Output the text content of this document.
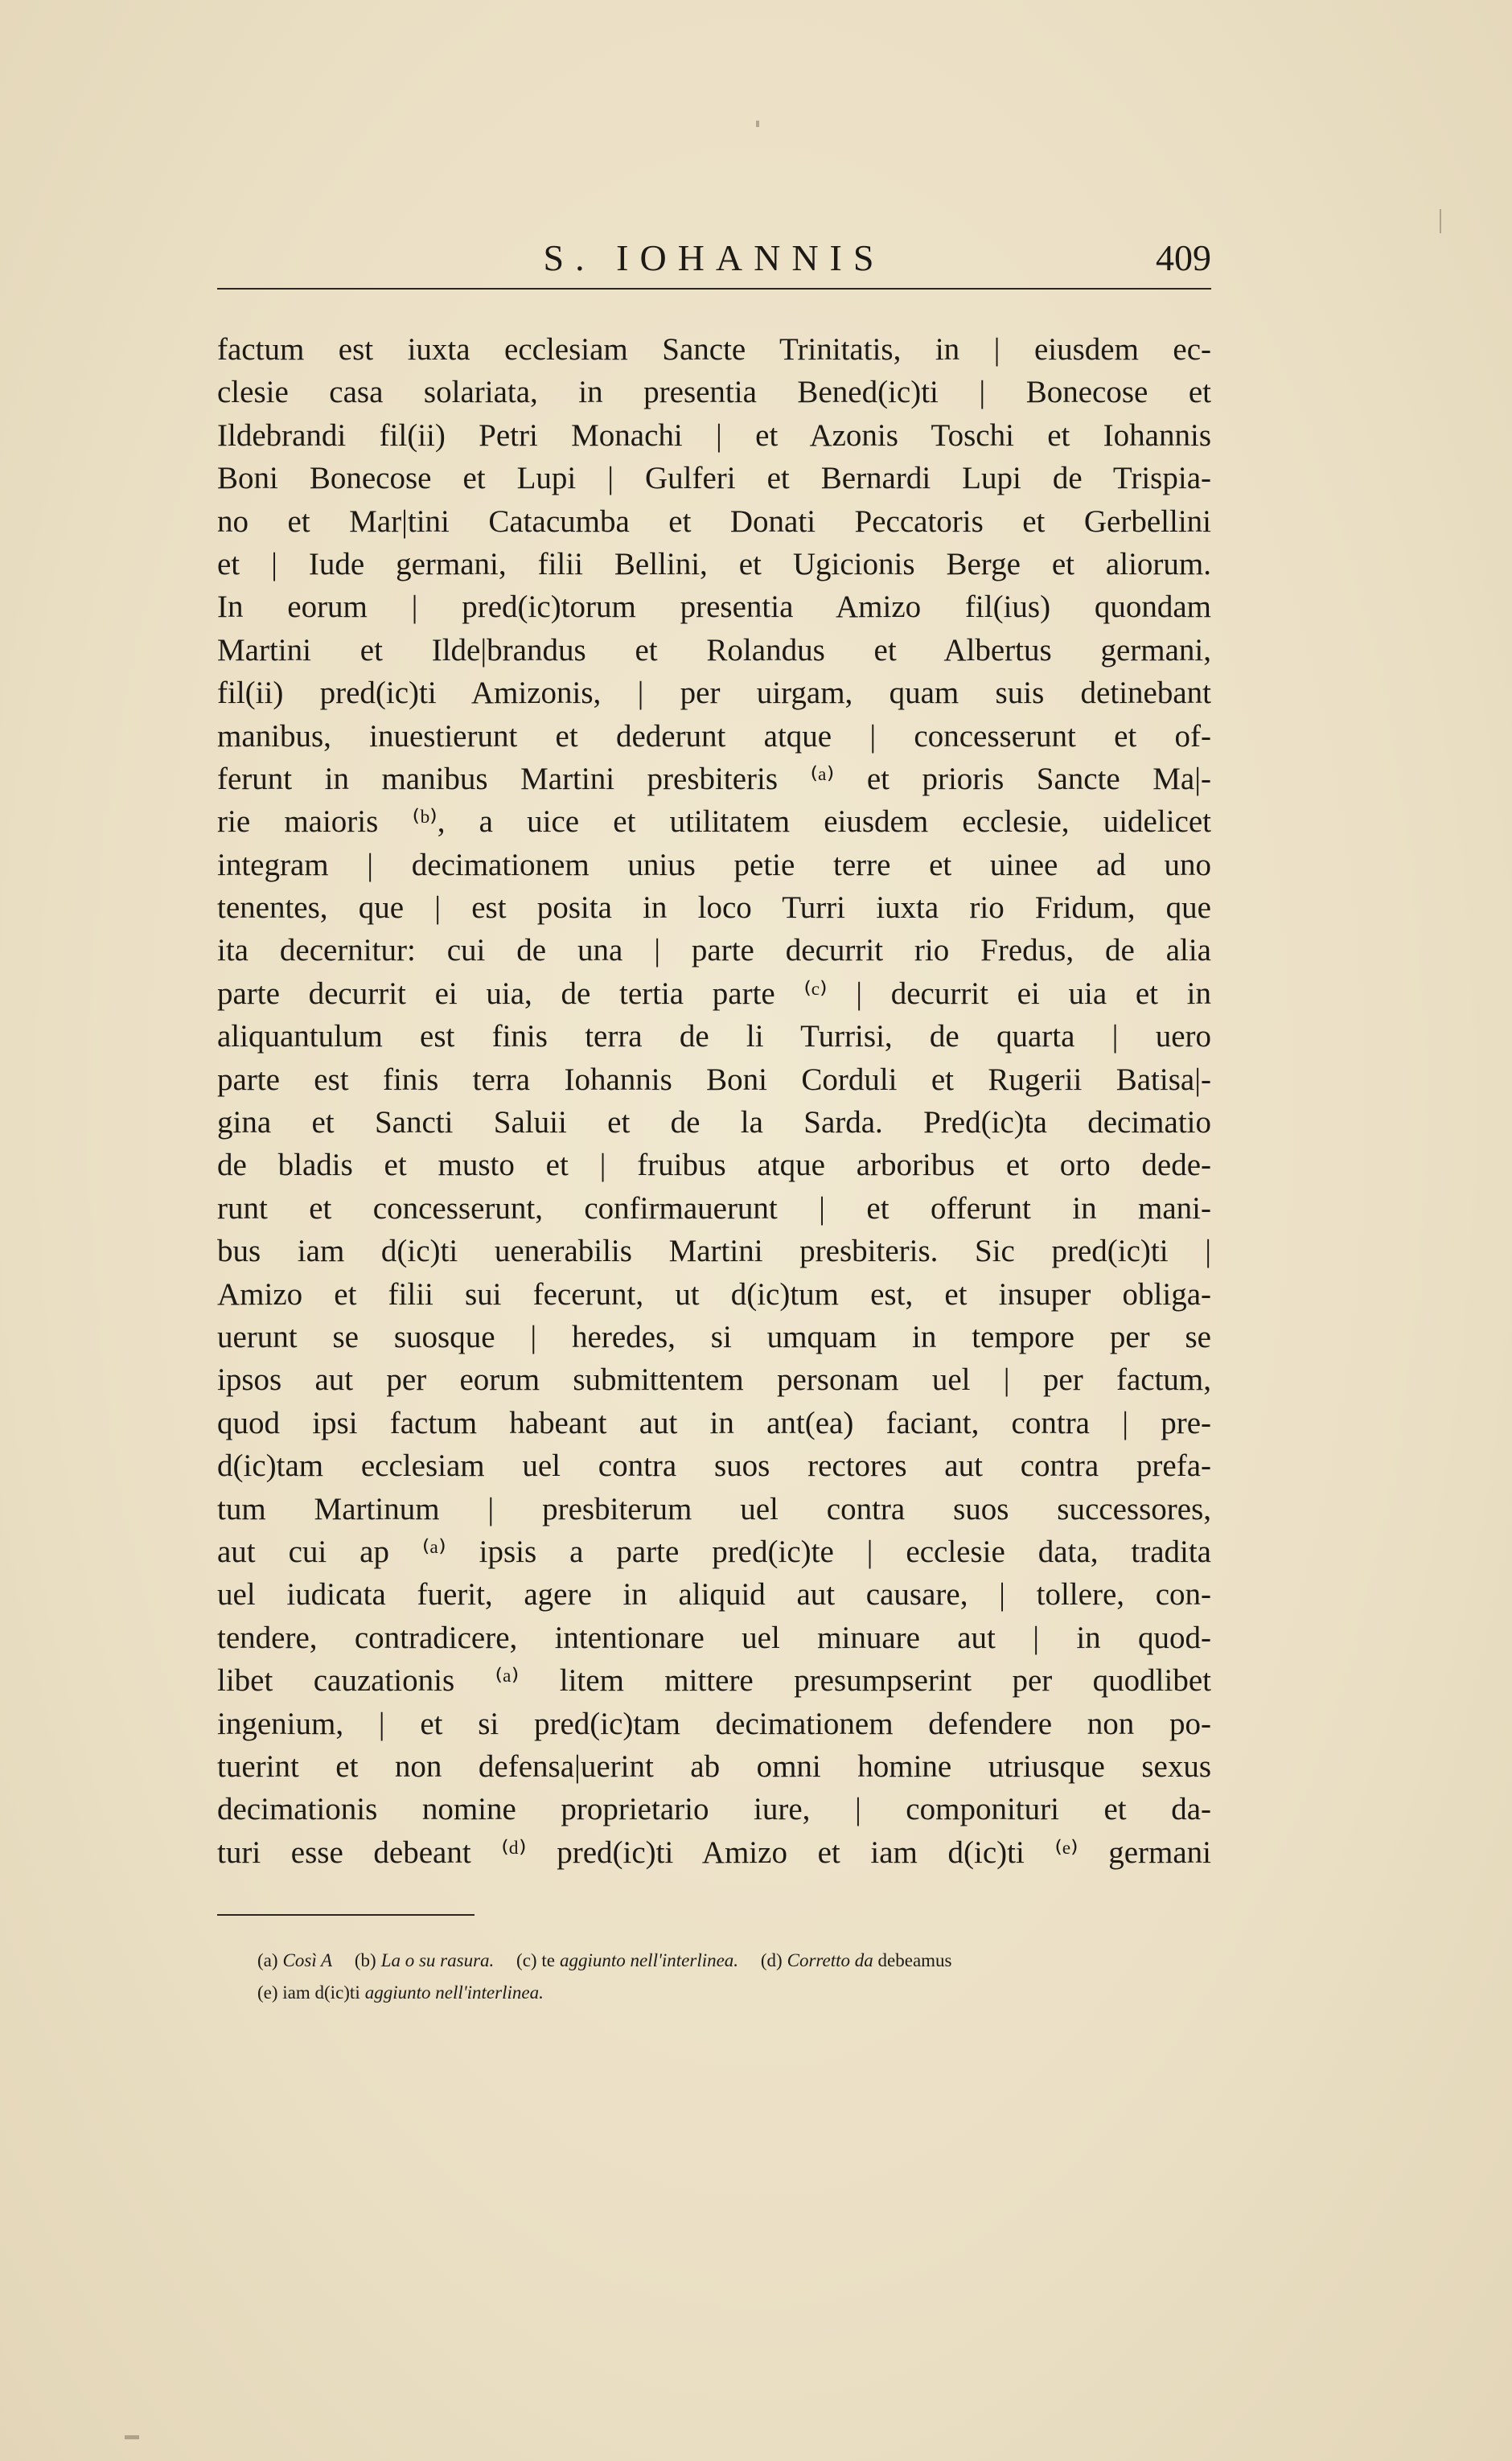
S. IOHANNIS	409
factum est iuxta ecclesiam Sancte Trinitatis, in | eiusdem ec-
clesie casa solariata, in presentia Bened(ic)ti | Bonecose et
Ildebrandi fil(ii) Petri Monachi | et Azonis Toschi et Iohannis
Boni Bonecose et Lupi | Gulferi et Bernardi Lupi de Trispia-
no et Mar|tini Catacumba et Donati Peccatoris et Gerbellini
et | Iude germani, filii Bellini, et Ugicionis Berge et aliorum.
In eorum | pred(ic)torum presentia Amizo fil(ius) quondam
Martini et Ilde|brandus et Rolandus et Albertus germani,
fil(ii) pred(ic)ti Amizonis, | per uirgam, quam suis detinebant
manibus, inuestierunt et dederunt atque | concesserunt et of-
ferunt in manibus Martini presbiteris ⁽ᵃ⁾ et prioris Sancte Ma|-
rie maioris ⁽ᵇ⁾, a uice et utilitatem eiusdem ecclesie, uidelicet
integram | decimationem unius petie terre et uinee ad uno
tenentes, que | est posita in loco Turri iuxta rio Fridum, que
ita decernitur: cui de una | parte decurrit rio Fredus, de alia
parte decurrit ei uia, de tertia parte ⁽ᶜ⁾ | decurrit ei uia et in
aliquantulum est finis terra de li Turrisi, de quarta | uero
parte est finis terra Iohannis Boni Corduli et Rugerii Batisa|-
gina et Sancti Saluii et de la Sarda. Pred(ic)ta decimatio
de bladis et musto et | fruibus atque arboribus et orto dede-
runt et concesserunt, confirmauerunt | et offerunt in mani-
bus iam d(ic)ti uenerabilis Martini presbiteris. Sic pred(ic)ti |
Amizo et filii sui fecerunt, ut d(ic)tum est, et insuper obliga-
uerunt se suosque | heredes, si umquam in tempore per se
ipsos aut per eorum submittentem personam uel | per factum,
quod ipsi factum habeant aut in ant(ea) faciant, contra | pre-
d(ic)tam ecclesiam uel contra suos rectores aut contra prefa-
tum Martinum | presbiterum uel contra suos successores,
aut cui ap ⁽ᵃ⁾ ipsis a parte pred(ic)te | ecclesie data, tradita
uel iudicata fuerit, agere in aliquid aut causare, | tollere, con-
tendere, contradicere, intentionare uel minuare aut | in quod-
libet cauzationis ⁽ᵃ⁾ litem mittere presumpserint per quodlibet
ingenium, | et si pred(ic)tam decimationem defendere non po-
tuerint et non defensa|uerint ab omni homine utriusque sexus
decimationis nomine proprietario iure, | componituri et da-
turi esse debeant ⁽ᵈ⁾ pred(ic)ti Amizo et iam d(ic)ti ⁽ᵉ⁾ germani
(a) Così A (b) La o su rasura. (c) te aggiunto nell'interlinea. (d) Corretto da debeamus
(e) iam d(ic)ti aggiunto nell'interlinea.
